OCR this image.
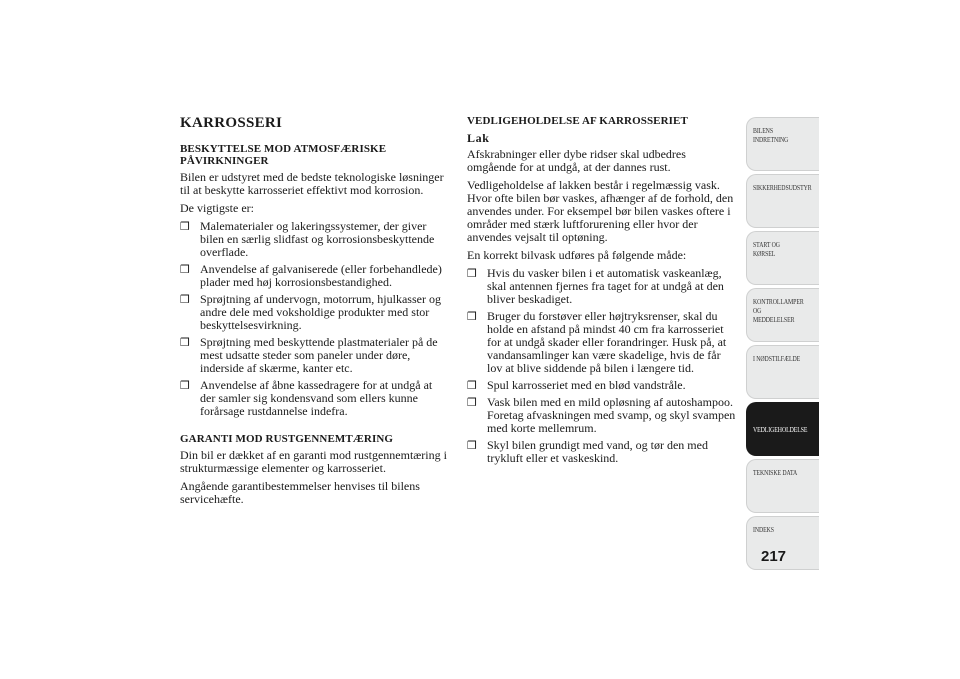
KARROSSERI
BESKYTTELSE MOD ATMOSFÆRISKE PÅVIRKNINGER

Bilen er udstyret med de bedste teknologiske løsninger til at beskytte karrosseriet effektivt mod korrosion.

De vigtigste er:

❒ Malematerialer og lakeringssystemer, der giver bilen en særlig slidfast og korrosionsbeskyttende overflade.
❒ Anvendelse af galvaniserede (eller forbehandlede) plader med høj korrosionsbestandighed.
❒ Sprøjtning af undervogn, motorrum, hjulkasser og andre dele med voksholdige produkter med stor beskyttelsesvirkning.
❒ Sprøjtning med beskyttende plastmaterialer på de mest udsatte steder som paneler under døre, inderside af skærme, kanter etc.
❒ Anvendelse af åbne kassedragere for at undgå at der samler sig kondensvand som ellers kunne forårsage rustdannelse indefra.
GARANTI MOD RUSTGENNEMTÆRING

Din bil er dækket af en garanti mod rustgennemtæring i strukturmæssige elementer og karrosseriet.

Angående garantibestemmelser henvises til bilens servicehæfte.

VEDLIGEHOLDELSE AF KARROSSERIET
Lak

Afskrabninger eller dybe ridser skal udbedres omgående for at undgå, at der dannes rust.

Vedligeholdelse af lakken består i regelmæssig vask. Hvor ofte bilen bør vaskes, afhænger af de forhold, den anvendes under. For eksempel bør bilen vaskes oftere i områder med stærk luftforurening eller hvor der anvendes vejsalt til optøning.

En korrekt bilvask udføres på følgende måde:

❒ Hvis du vasker bilen i et automatisk vaskeanlæg, skal antennen fjernes fra taget for at undgå at den bliver beskadiget.
❒ Bruger du forstøver eller højtryksrenser, skal du holde en afstand på mindst 40 cm fra karrosseriet for at undgå skader eller forandringer. Husk på, at vandansamlinger kan være skadelige, hvis de får lov at blive siddende på bilen i længere tid.
❒ Spul karrosseriet med en blød vandstråle.
❒ Vask bilen med en mild opløsning af autoshampoo. Foretag afvaskningen med svamp, og skyl svampen med korte mellemrum.
❒ Skyl bilen grundigt med vand, og tør den med trykluft eller et vaskeskind.
BILENS
INDRETNING
SIKKERHEDSUDSTYR
START OG KØRSEL
KONTROLLAMPER
OG MEDDELELSER
I NØDSTILFÆLDE
VEDLIGEHOLDELSE
TEKNISKE DATA
INDEKS
217
